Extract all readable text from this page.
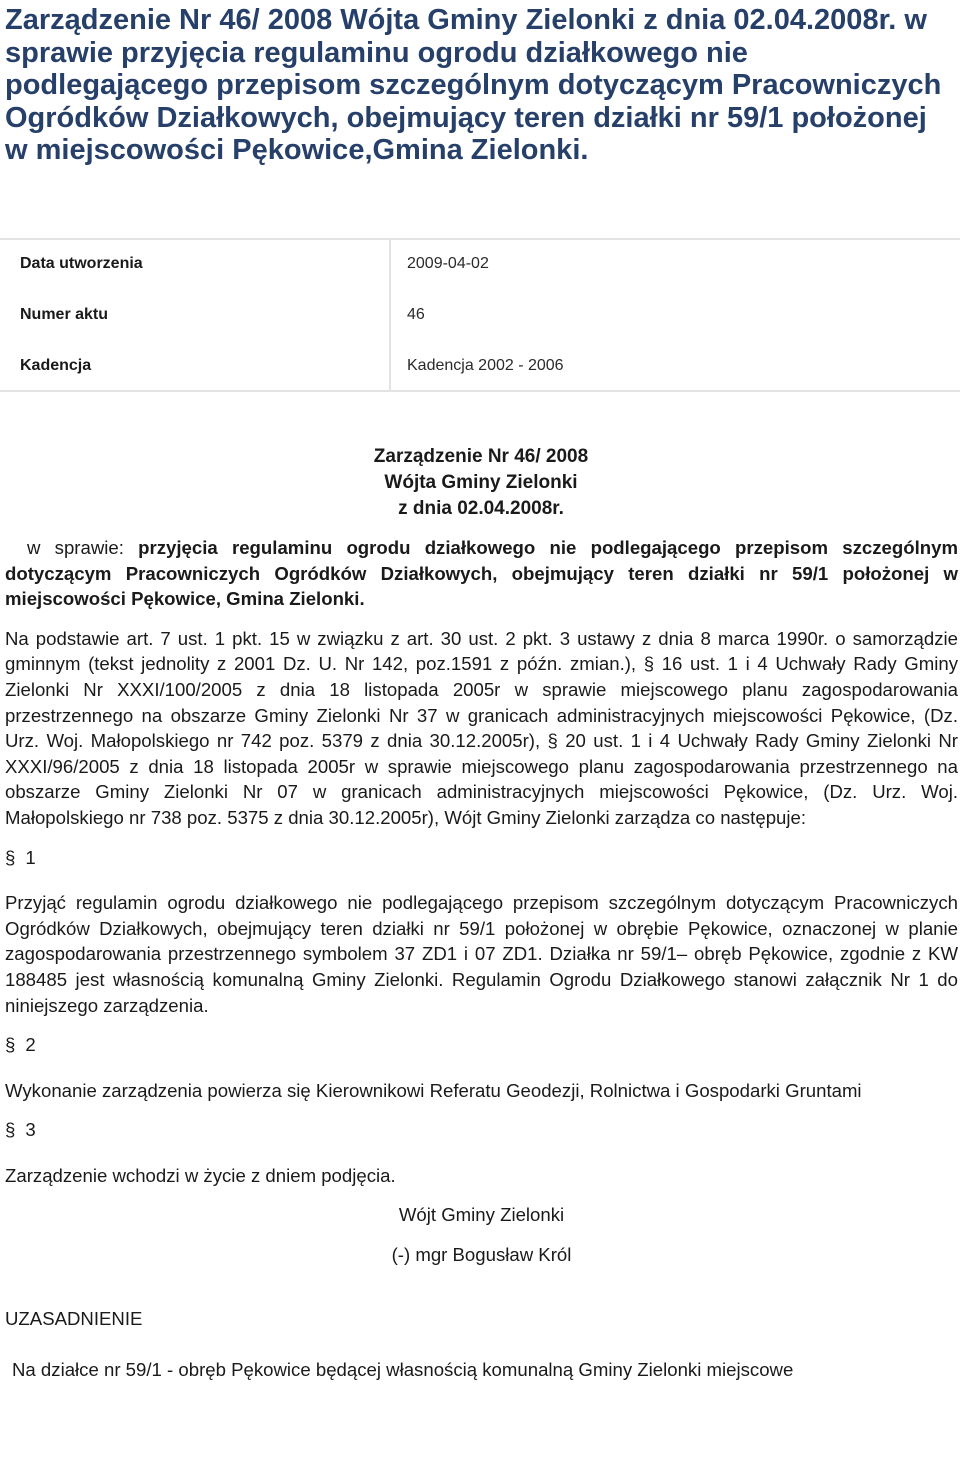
Zarządzenie Nr 46/ 2008 Wójta Gminy Zielonki z dnia 02.04.2008r. w sprawie przyjęcia regulaminu ogrodu działkowego nie podlegającego przepisom szczególnym dotyczącym Pracowniczych Ogródków Działkowych, obejmujący teren działki nr 59/1 położonej w miejscowości Pękowice,Gmina Zielonki.
Data utworzenia	2009-04-02
Numer aktu	46
Kadencja	Kadencja 2002 - 2006
Zarządzenie Nr 46/ 2008
Wójta Gminy Zielonki
z dnia 02.04.2008r.

w sprawie: przyjęcia regulaminu ogrodu działkowego nie podlegającego przepisom szczególnym dotyczącym Pracowniczych Ogródków Działkowych, obejmujący teren działki nr 59/1 położonej w miejscowości Pękowice, Gmina Zielonki.

Na podstawie art. 7 ust. 1 pkt. 15 w związku z art. 30 ust. 2 pkt. 3 ustawy z dnia 8 marca 1990r. o samorządzie gminnym (tekst jednolity z 2001 Dz. U. Nr 142, poz.1591 z późn. zmian.), § 16 ust. 1 i 4 Uchwały Rady Gminy Zielonki Nr XXXI/100/2005 z dnia 18 listopada 2005r w sprawie miejscowego planu zagospodarowania przestrzennego na obszarze Gminy Zielonki Nr 37 w granicach administracyjnych miejscowości Pękowice, (Dz. Urz. Woj. Małopolskiego nr 742 poz. 5379 z dnia 30.12.2005r), § 20 ust. 1 i 4 Uchwały Rady Gminy Zielonki Nr XXXI/96/2005 z dnia 18 listopada 2005r w sprawie miejscowego planu zagospodarowania przestrzennego na obszarze Gminy Zielonki Nr 07 w granicach administracyjnych miejscowości Pękowice, (Dz. Urz. Woj. Małopolskiego nr 738 poz. 5375 z dnia 30.12.2005r), Wójt Gminy Zielonki zarządza co następuje:

§ 1

Przyjąć regulamin ogrodu działkowego nie podlegającego przepisom szczególnym dotyczącym Pracowniczych Ogródków Działkowych, obejmujący teren działki nr 59/1 położonej w obrębie Pękowice, oznaczonej w planie zagospodarowania przestrzennego symbolem 37 ZD1 i 07 ZD1. Działka nr 59/1– obręb Pękowice, zgodnie z KW 188485 jest własnością komunalną Gminy Zielonki. Regulamin Ogrodu Działkowego stanowi załącznik Nr 1 do niniejszego zarządzenia.

§ 2

Wykonanie zarządzenia powierza się Kierownikowi Referatu Geodezji, Rolnictwa i Gospodarki Gruntami

§ 3

Zarządzenie wchodzi w życie z dniem podjęcia.

Wójt Gminy Zielonki

(-) mgr Bogusław Król

UZASADNIENIE

Na działce nr 59/1 - obręb Pękowice będącej własnością komunalną Gminy Zielonki miejscowe
